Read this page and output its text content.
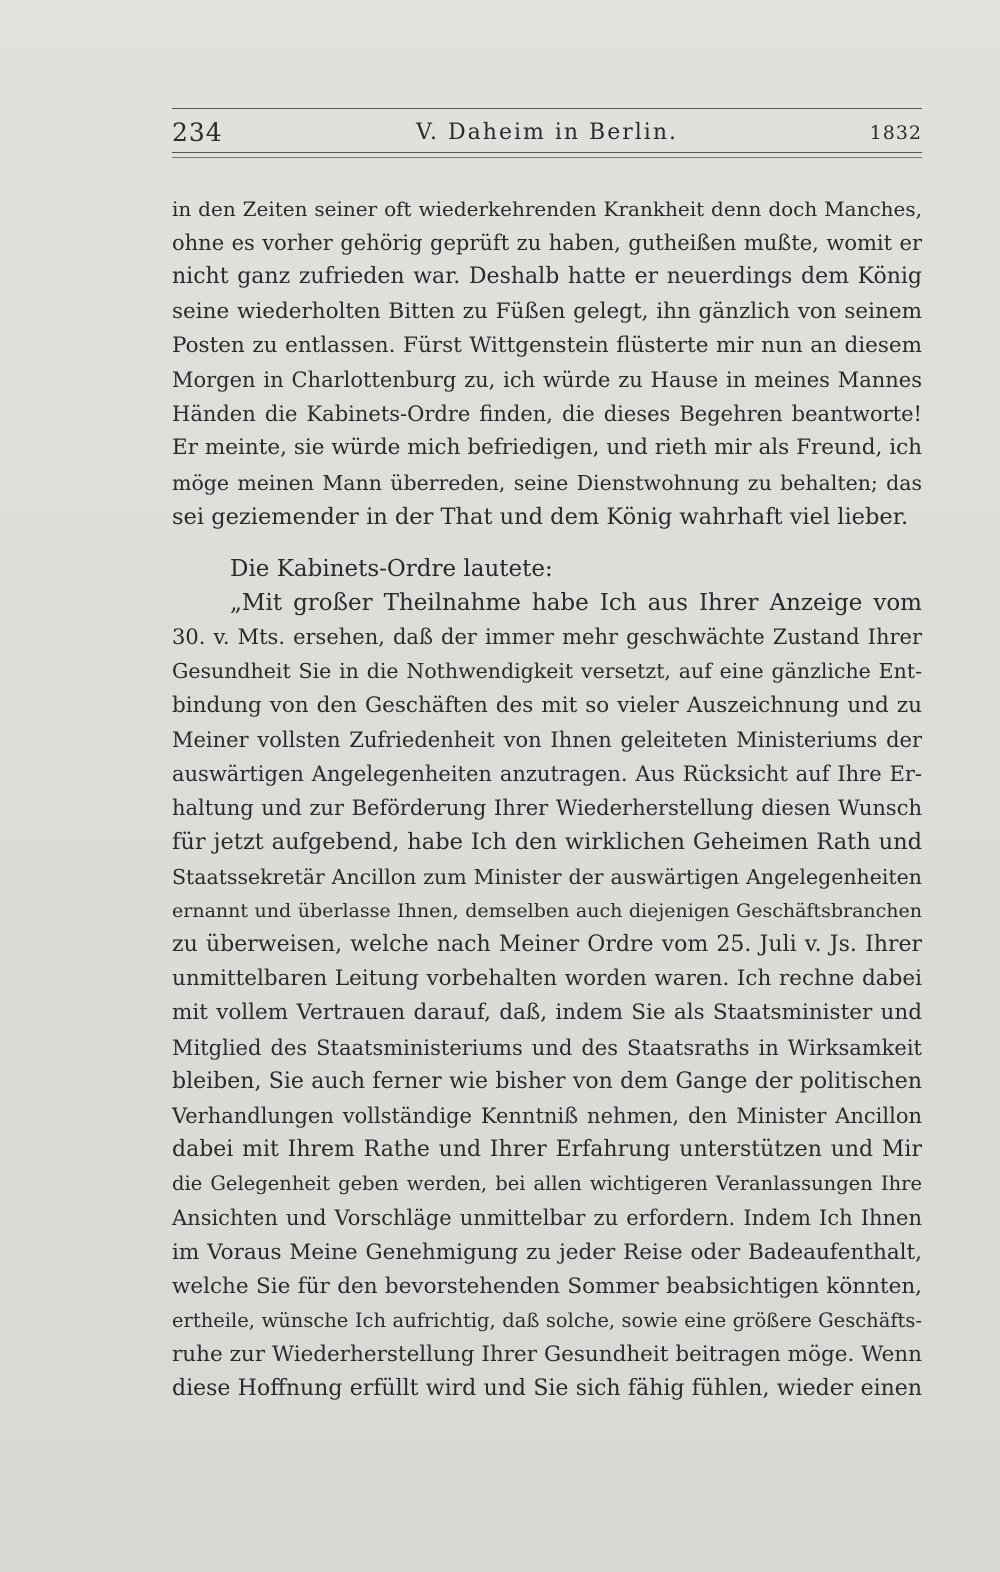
234	V. Daheim in Berlin.	1832
in den Zeiten seiner oft wiederkehrenden Krankheit denn doch Manches,
ohne es vorher gehörig geprüft zu haben, gutheißen mußte, womit er
nicht ganz zufrieden war. Deshalb hatte er neuerdings dem König
seine wiederholten Bitten zu Füßen gelegt, ihn gänzlich von seinem
Posten zu entlassen. Fürst Wittgenstein flüsterte mir nun an diesem
Morgen in Charlottenburg zu, ich würde zu Hause in meines Mannes
Händen die Kabinets-Ordre finden, die dieses Begehren beantworte!
Er meinte, sie würde mich befriedigen, und rieth mir als Freund, ich
möge meinen Mann überreden, seine Dienstwohnung zu behalten; das
sei geziemender in der That und dem König wahrhaft viel lieber.
Die Kabinets-Ordre lautete:
„Mit großer Theilnahme habe Ich aus Ihrer Anzeige vom
30. v. Mts. ersehen, daß der immer mehr geschwächte Zustand Ihrer
Gesundheit Sie in die Nothwendigkeit versetzt, auf eine gänzliche Ent-
bindung von den Geschäften des mit so vieler Auszeichnung und zu
Meiner vollsten Zufriedenheit von Ihnen geleiteten Ministeriums der
auswärtigen Angelegenheiten anzutragen. Aus Rücksicht auf Ihre Er-
haltung und zur Beförderung Ihrer Wiederherstellung diesen Wunsch
für jetzt aufgebend, habe Ich den wirklichen Geheimen Rath und
Staatssekretär Ancillon zum Minister der auswärtigen Angelegenheiten
ernannt und überlasse Ihnen, demselben auch diejenigen Geschäftsbranchen
zu überweisen, welche nach Meiner Ordre vom 25. Juli v. Js. Ihrer
unmittelbaren Leitung vorbehalten worden waren. Ich rechne dabei
mit vollem Vertrauen darauf, daß, indem Sie als Staatsminister und
Mitglied des Staatsministeriums und des Staatsraths in Wirksamkeit
bleiben, Sie auch ferner wie bisher von dem Gange der politischen
Verhandlungen vollständige Kenntniß nehmen, den Minister Ancillon
dabei mit Ihrem Rathe und Ihrer Erfahrung unterstützen und Mir
die Gelegenheit geben werden, bei allen wichtigeren Veranlassungen Ihre
Ansichten und Vorschläge unmittelbar zu erfordern. Indem Ich Ihnen
im Voraus Meine Genehmigung zu jeder Reise oder Badeaufenthalt,
welche Sie für den bevorstehenden Sommer beabsichtigen könnten,
ertheile, wünsche Ich aufrichtig, daß solche, sowie eine größere Geschäfts-
ruhe zur Wiederherstellung Ihrer Gesundheit beitragen möge. Wenn
diese Hoffnung erfüllt wird und Sie sich fähig fühlen, wieder einen
